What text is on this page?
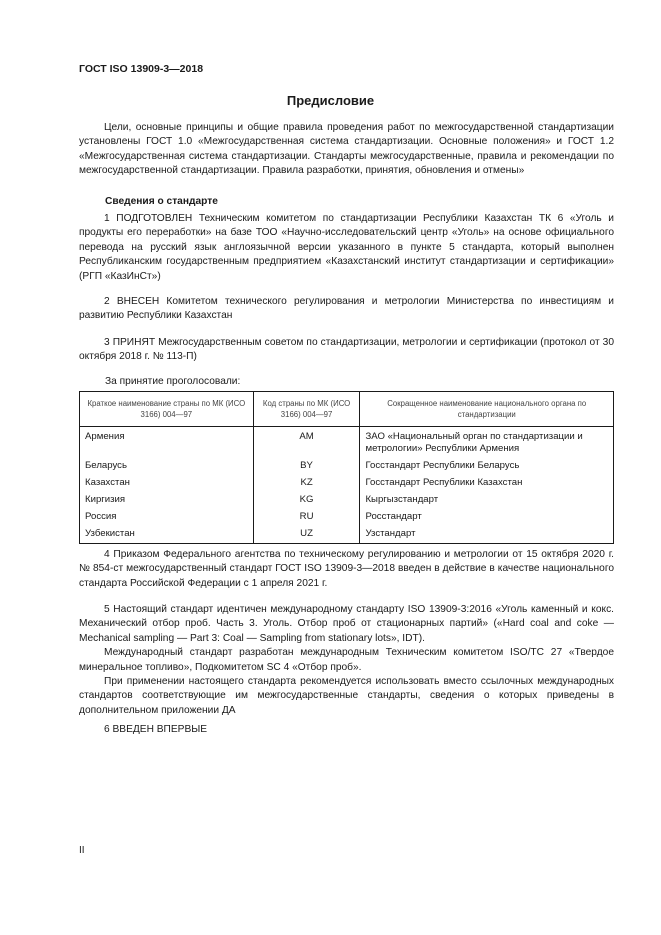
ГОСТ ISO 13909-3—2018
Предисловие

Цели, основные принципы и общие правила проведения работ по межгосударственной стандартизации установлены ГОСТ 1.0 «Межгосударственная система стандартизации. Основные положения» и ГОСТ 1.2 «Межгосударственная система стандартизации. Стандарты межгосударственные, правила и рекомендации по межгосударственной стандартизации. Правила разработки, принятия, обновления и отмены»

Сведения о стандарте

1 ПОДГОТОВЛЕН Техническим комитетом по стандартизации Республики Казахстан ТК 6 «Уголь и продукты его переработки» на базе ТОО «Научно-исследовательский центр «Уголь» на основе официального перевода на русский язык англоязычной версии указанного в пункте 5 стандарта, который выполнен Республиканским государственным предприятием «Казахстанский институт стандартизации и сертификации» (РГП «КазИнСт»)

2 ВНЕСЕН Комитетом технического регулирования и метрологии Министерства по инвестициям и развитию Республики Казахстан

3 ПРИНЯТ Межгосударственным советом по стандартизации, метрологии и сертификации (протокол от 30 октября 2018 г. № 113-П)

За принятие проголосовали:
Краткое наименование страны по МК (ИСО 3166) 004—97	Код страны по МК (ИСО 3166) 004—97	Сокращенное наименование национального органа по стандартизации
Армения	AM	ЗАО «Национальный орган по стандартизации и метрологии» Республики Армения
Беларусь	BY	Госстандарт Республики Беларусь
Казахстан	KZ	Госстандарт Республики Казахстан
Киргизия	KG	Кыргызстандарт
Россия	RU	Росстандарт
Узбекистан	UZ	Узстандарт

4 Приказом Федерального агентства по техническому регулированию и метрологии от 15 октября 2020 г. № 854-ст межгосударственный стандарт ГОСТ ISO 13909-3—2018 введен в действие в качестве национального стандарта Российской Федерации с 1 апреля 2021 г.

5 Настоящий стандарт идентичен международному стандарту ISO 13909-3:2016 «Уголь каменный и кокс. Механический отбор проб. Часть 3. Уголь. Отбор проб от стационарных партий» («Hard coal and coke — Mechanical sampling — Part 3: Coal — Sampling from stationary lots», IDT).

Международный стандарт разработан международным Техническим комитетом ISO/TC 27 «Твердое минеральное топливо», Подкомитетом SC 4 «Отбор проб».

При применении настоящего стандарта рекомендуется использовать вместо ссылочных международных стандартов соответствующие им межгосударственные стандарты, сведения о которых приведены в дополнительном приложении ДА

6 ВВЕДЕН ВПЕРВЫЕ

II
